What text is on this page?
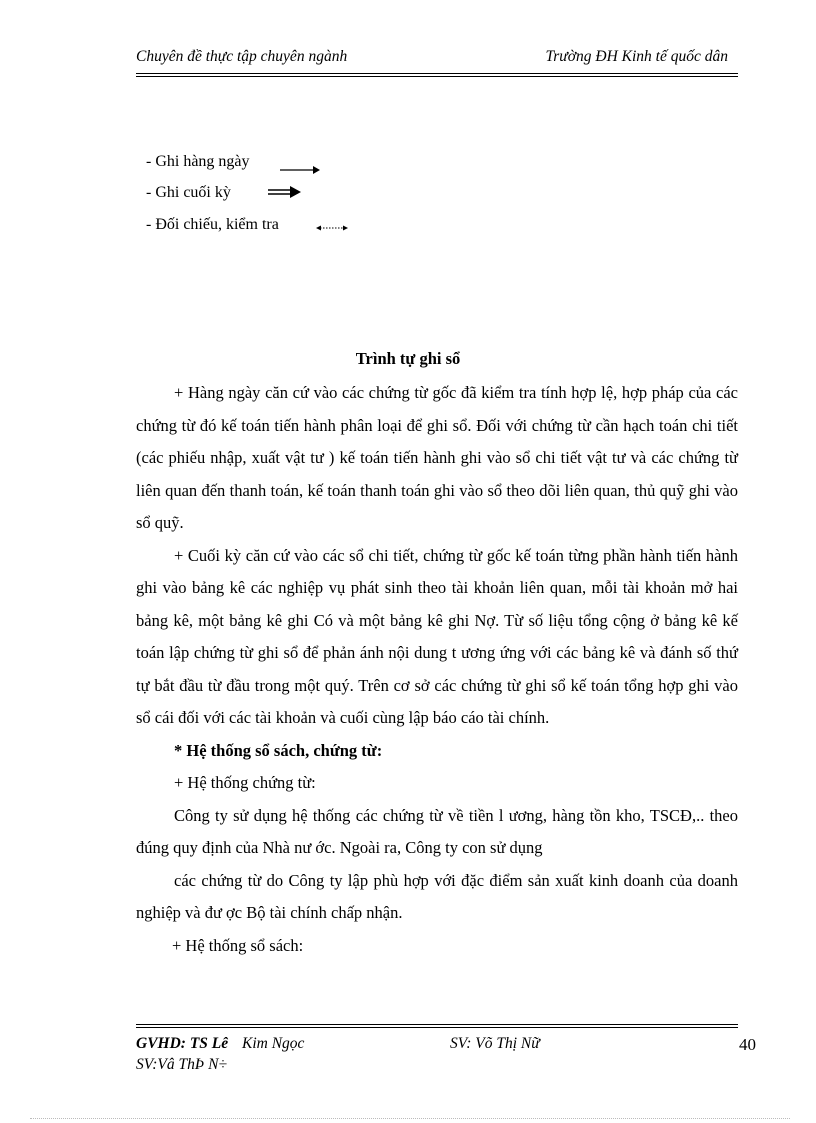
Chuyên đề thực tập chuyên ngành	Trường ĐH Kinh tế quốc dân
- Ghi hàng ngày
- Ghi cuối kỳ
- Đối chiếu, kiểm tra
Trình tự ghi sổ

+ Hàng ngày căn cứ vào các chứng từ gốc đã kiểm tra tính hợp lệ, hợp pháp của các chứng từ đó kế toán tiến hành phân loại để ghi sổ. Đối với chứng từ cần hạch toán chi tiết (các phiếu nhập, xuất vật tư ) kế toán tiến hành ghi vào sổ chi tiết vật tư và các chứng từ liên quan đến thanh toán, kế toán thanh toán ghi vào sổ theo dõi liên quan, thủ quỹ ghi vào sổ quỹ.

+ Cuối kỳ căn cứ vào các sổ chi tiết, chứng từ gốc kế toán từng phần hành tiến hành ghi vào bảng kê các nghiệp vụ phát sinh theo tài khoản liên quan, mỗi tài khoản mở hai bảng kê, một bảng kê ghi Có và một bảng kê ghi Nợ. Từ số liệu tổng cộng ở bảng kê kế toán lập chứng từ ghi sổ để phản ánh nội dung t ương ứng với các bảng kê và đánh số thứ tự bắt đầu từ đầu trong một quý. Trên cơ sở các chứng từ ghi sổ kế toán tổng hợp ghi vào sổ cái đối với các tài khoản và cuối cùng lập báo cáo tài chính.

* Hệ thống sổ sách, chứng từ:

+ Hệ thống chứng từ:

Công ty sử dụng hệ thống các chứng từ về tiền l ương, hàng tồn kho, TSCĐ,.. theo đúng quy định của Nhà nư ớc. Ngoài ra, Công ty con sử dụng

các chứng từ do Công ty lập phù hợp với đặc điểm sản xuất kinh doanh của doanh nghiệp và đư ợc Bộ tài chính chấp nhận.

+ Hệ thống sổ sách:

GVHD: TS Lê Kim Ngọc	SV: Võ Thị Nữ	40
SV:Vâ ThÞ N÷
